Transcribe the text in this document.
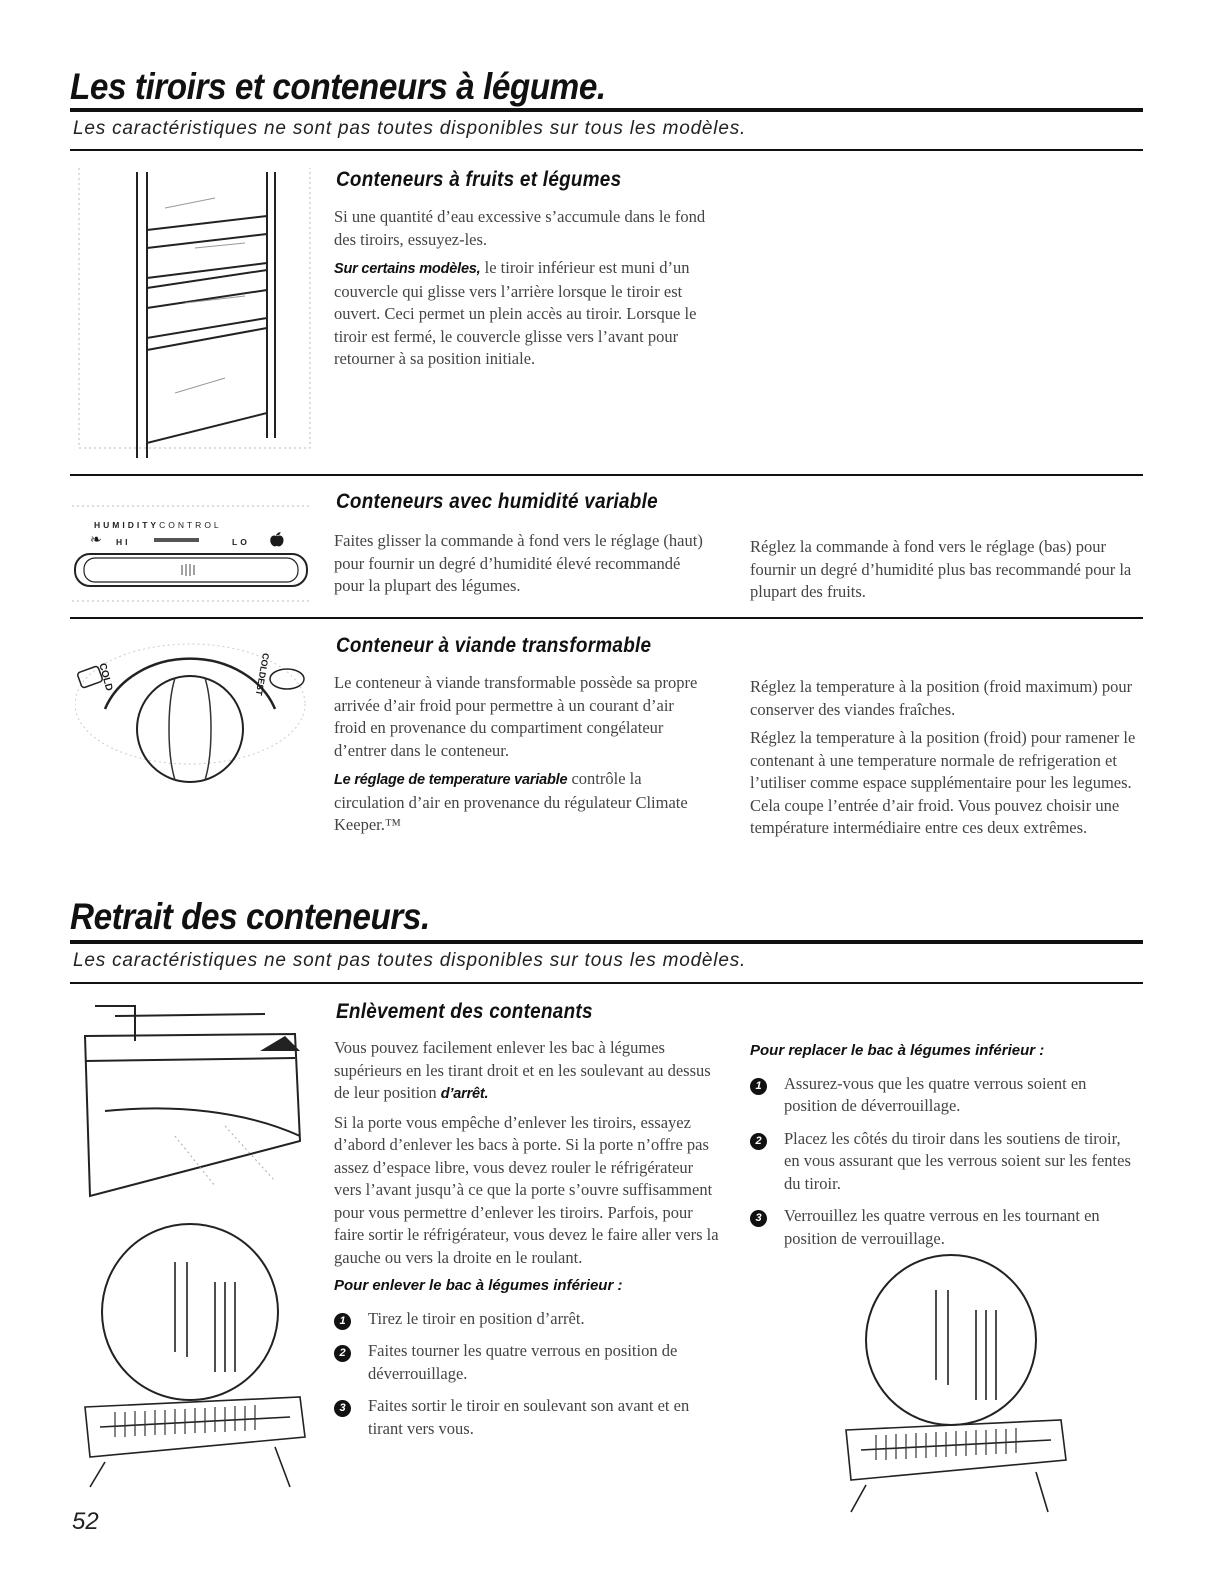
Les tiroirs et conteneurs à légume.
Les caractéristiques ne sont pas toutes disponibles sur tous les modèles.
Conteneurs à fruits et légumes

Si une quantité d’eau excessive s’accumule dans le fond des tiroirs, essuyez-les.

Sur certains modèles, le tiroir inférieur est muni d’un couvercle qui glisse vers l’arrière lorsque le tiroir est ouvert. Ceci permet un plein accès au tiroir. Lorsque le tiroir est fermé, le couvercle glisse vers l’avant pour retourner à sa position initiale.

HUMIDITYCONTROL
❧ HI	LO 🍎︎
Conteneurs avec humidité variable
Faites glisser la commande à fond vers le réglage (haut) pour fournir un degré d’humidité élevé recommandé pour la plupart des légumes.
Réglez la commande à fond vers le réglage (bas) pour fournir un degré d’humidité plus bas recommandé pour la plupart des fruits.
COLD	COLDEST
Conteneur à viande transformable

Le conteneur à viande transformable possède sa propre arrivée d’air froid pour permettre à un courant d’air froid en provenance du compartiment congélateur d’entrer dans le conteneur.

Le réglage de temperature variable contrôle la circulation d’air en provenance du régulateur Climate Keeper.™

Réglez la temperature à la position (froid maximum) pour conserver des viandes fraîches.

Réglez la temperature à la position (froid) pour ramener le contenant à une temperature normale de refrigeration et l’utiliser comme espace supplémentaire pour les legumes. Cela coupe l’entrée d’air froid. Vous pouvez choisir une température intermédiaire entre ces deux extrêmes.

Retrait des conteneurs.
Les caractéristiques ne sont pas toutes disponibles sur tous les modèles.
52
Enlèvement des contenants

Vous pouvez facilement enlever les bac à légumes supérieurs en les tirant droit et en les soulevant au dessus de leur position d’arrêt.

Si la porte vous empêche d’enlever les tiroirs, essayez d’abord d’enlever les bacs à porte. Si la porte n’offre pas assez d’espace libre, vous devez rouler le réfrigérateur vers l’avant jusqu’à ce que la porte s’ouvre suffisamment pour vous permettre d’enlever les tiroirs. Parfois, pour faire sortir le réfrigérateur, vous devez le faire aller vers la gauche ou vers la droite en le roulant.

Pour enlever le bac à légumes inférieur :
1	Tirez le tiroir en position d’arrêt.
2	Faites tourner les quatre verrous en position de déverrouillage.
3	Faites sortir le tiroir en soulevant son avant et en tirant vers vous.
Pour replacer le bac à légumes inférieur :
1	Assurez-vous que les quatre verrous soient en position de déverrouillage.
2	Placez les côtés du tiroir dans les soutiens de tiroir, en vous assurant que les verrous soient sur les fentes du tiroir.
3	Verrouillez les quatre verrous en les tournant en position de verrouillage.
